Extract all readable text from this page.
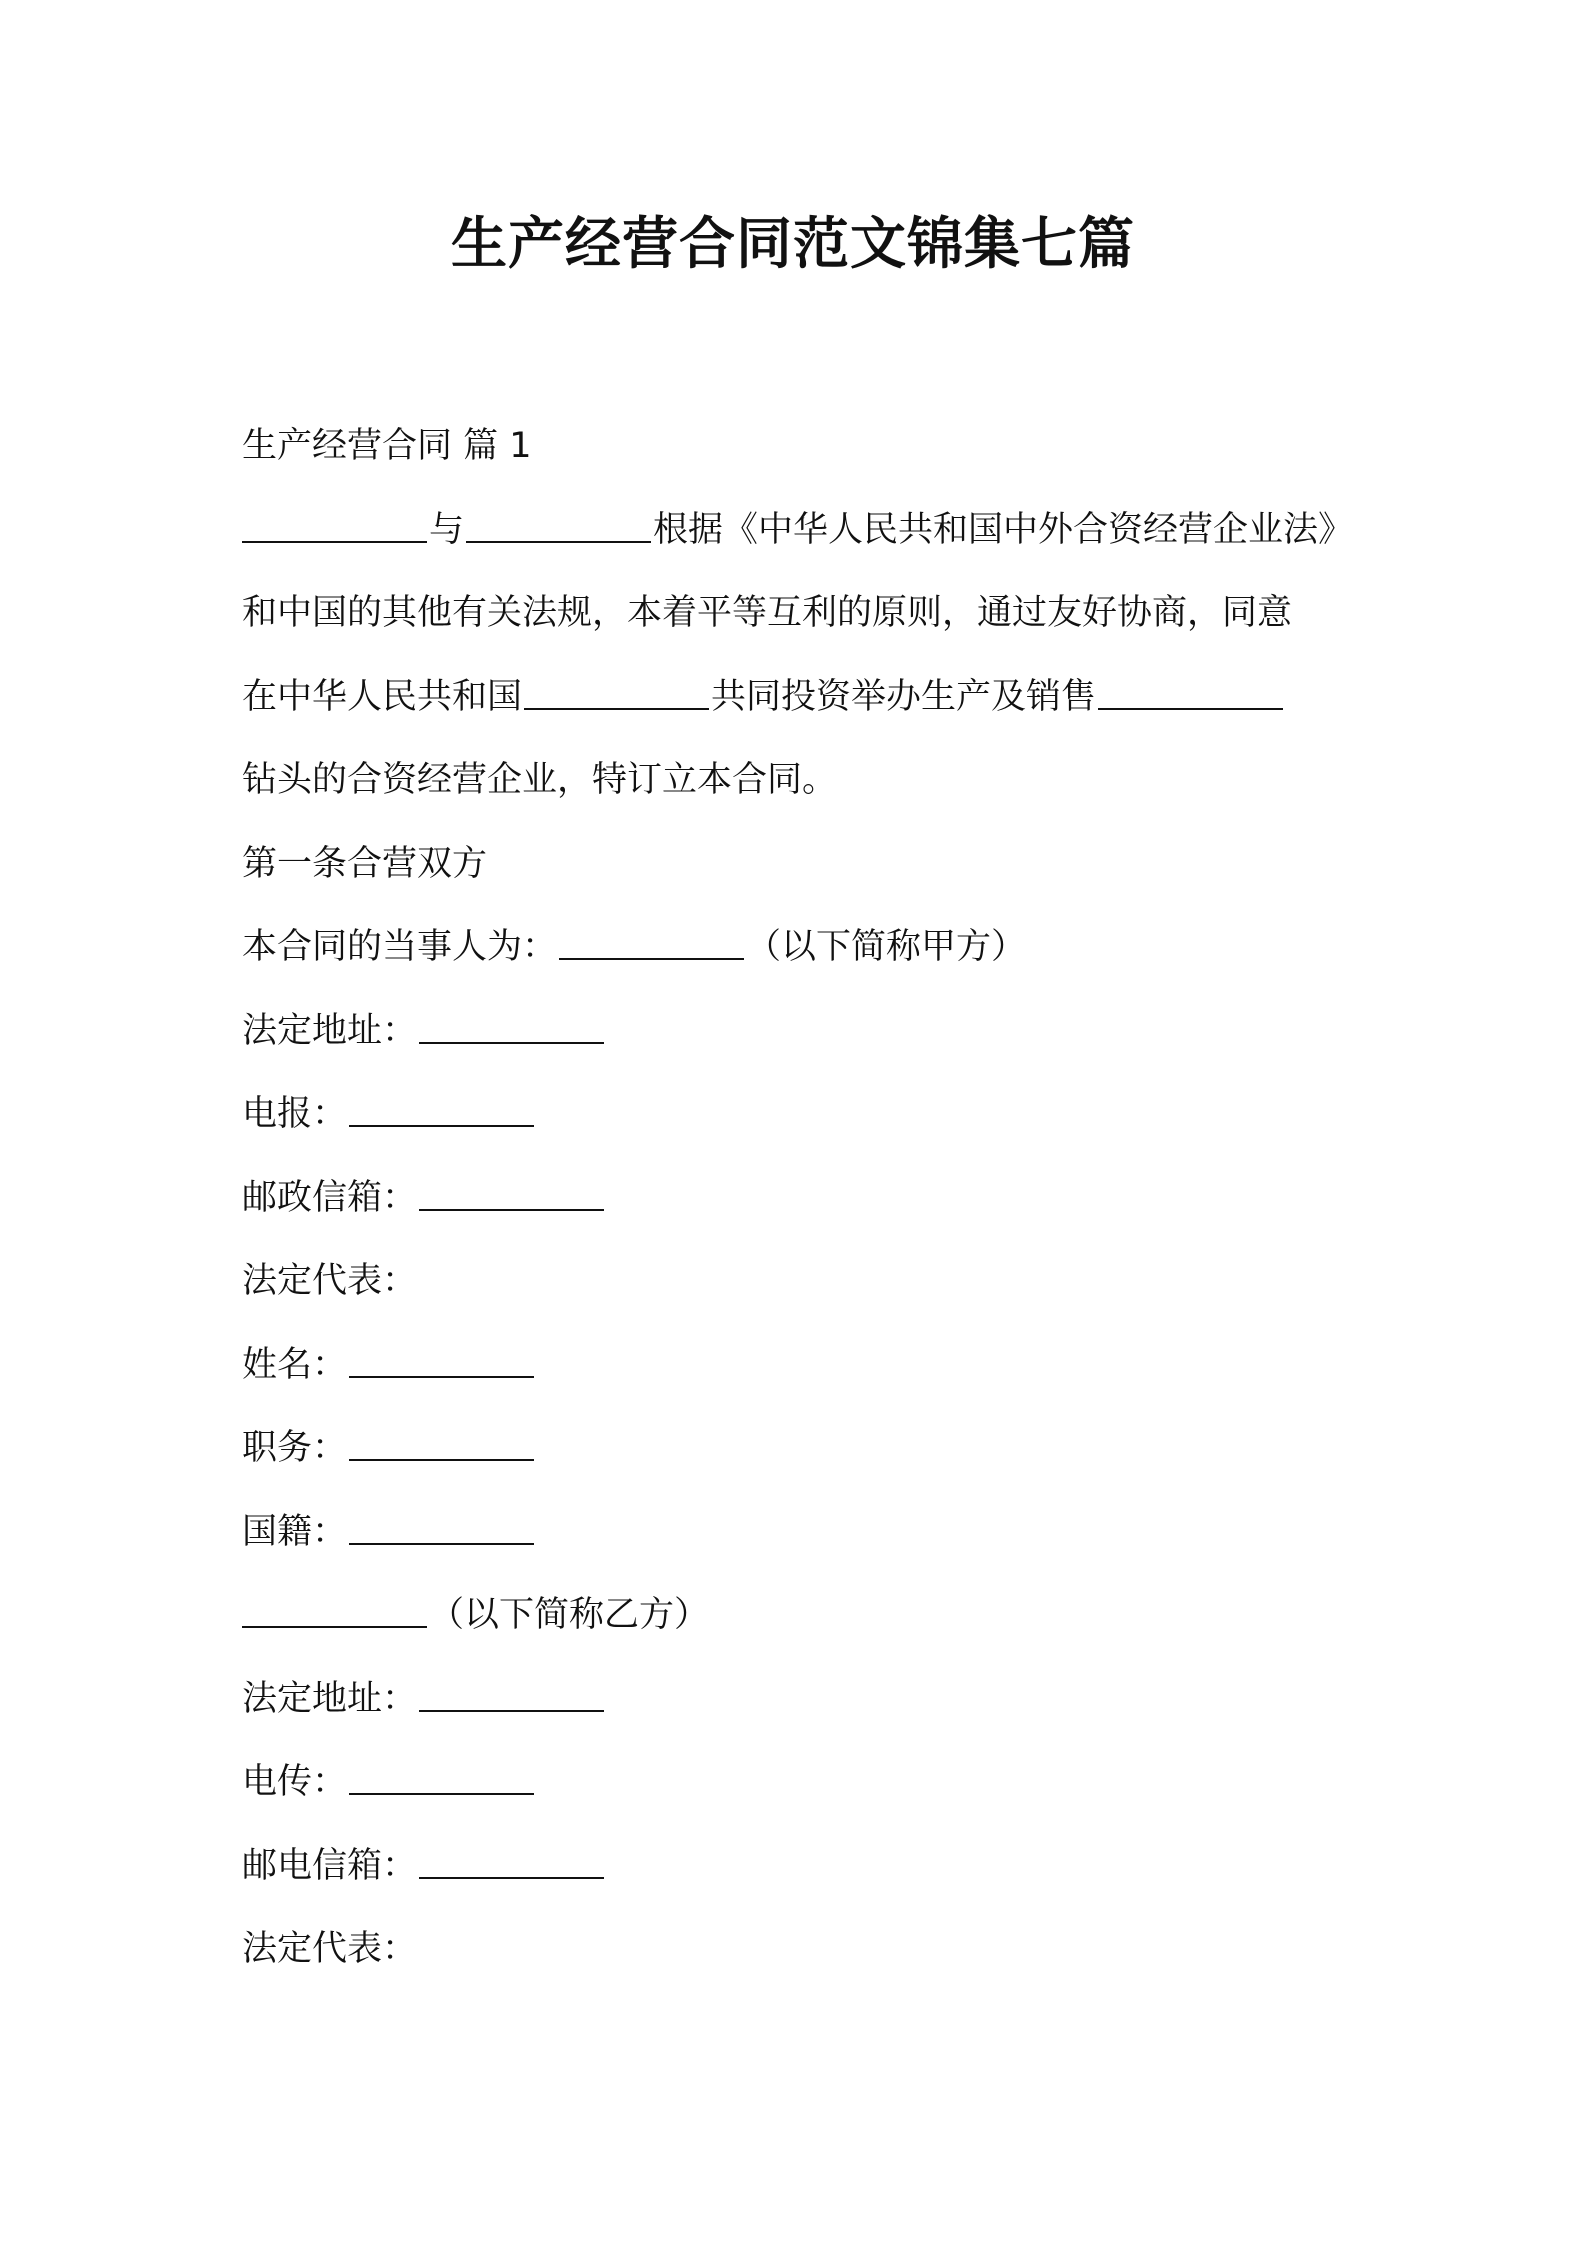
生产经营合同范文锦集七篇
生产经营合同 篇 1
与	根据《中华人民共和国中外合资经营企业法》
和中国的其他有关法规，本着平等互利的原则，通过友好协商，同意
在中华人民共和国	共同投资举办生产及销售
钻头的合资经营企业，特订立本合同。
第一条合营双方
本合同的当事人为：	（以下简称甲方）
法定地址：
电报：
邮政信箱：
法定代表：
姓名：
职务：
国籍：
（以下简称乙方）
法定地址：
电传：
邮电信箱：
法定代表：
